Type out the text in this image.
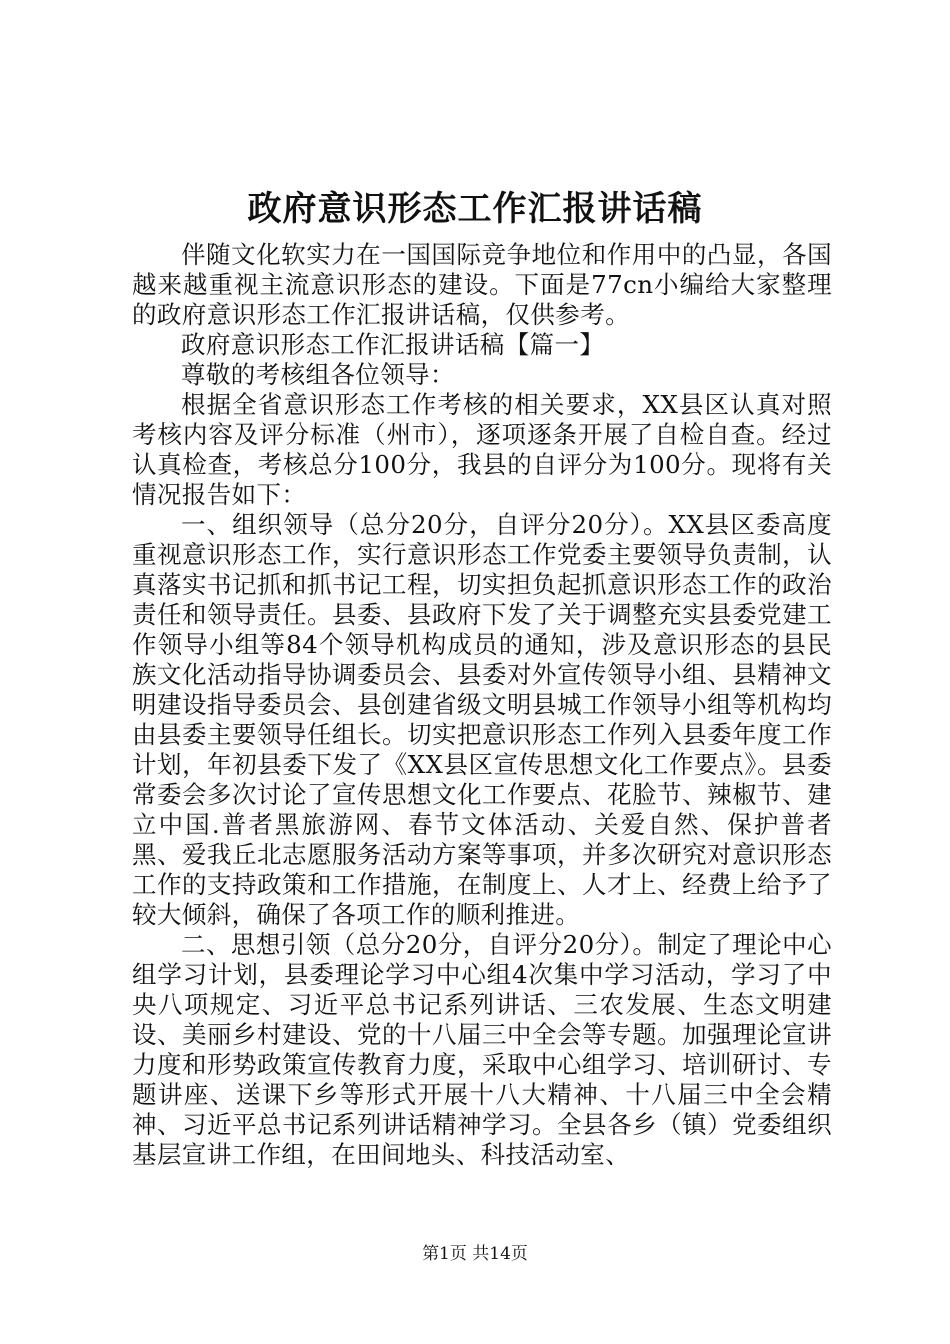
政府意识形态工作汇报讲话稿

伴随文化软实力在一国国际竞争地位和作用中的凸显，各国越来越重视主流意识形态的建设。下面是77cn小编给大家整理的政府意识形态工作汇报讲话稿，仅供参考。

政府意识形态工作汇报讲话稿【篇一】

尊敬的考核组各位领导：

根据全省意识形态工作考核的相关要求，XX县区认真对照考核内容及评分标准（州市），逐项逐条开展了自检自查。经过认真检查，考核总分100分，我县的自评分为100分。现将有关情况报告如下：

一、组织领导（总分20分，自评分20分）。XX县区委高度重视意识形态工作，实行意识形态工作党委主要领导负责制，认真落实书记抓和抓书记工程，切实担负起抓意识形态工作的政治责任和领导责任。县委、县政府下发了关于调整充实县委党建工作领导小组等84个领导机构成员的通知，涉及意识形态的县民族文化活动指导协调委员会、县委对外宣传领导小组、县精神文明建设指导委员会、县创建省级文明县城工作领导小组等机构均由县委主要领导任组长。切实把意识形态工作列入县委年度工作计划，年初县委下发了《XX县区宣传思想文化工作要点》。县委常委会多次讨论了宣传思想文化工作要点、花脸节、辣椒节、建立中国.普者黑旅游网、春节文体活动、关爱自然、保护普者黑、爱我丘北志愿服务活动方案等事项，并多次研究对意识形态工作的支持政策和工作措施，在制度上、人才上、经费上给予了较大倾斜，确保了各项工作的顺利推进。

二、思想引领（总分20分，自评分20分）。制定了理论中心组学习计划，县委理论学习中心组4次集中学习活动，学习了中央八项规定、习近平总书记系列讲话、三农发展、生态文明建设、美丽乡村建设、党的十八届三中全会等专题。加强理论宣讲力度和形势政策宣传教育力度，采取中心组学习、培训研讨、专题讲座、送课下乡等形式开展十八大精神、十八届三中全会精神、习近平总书记系列讲话精神学习。全县各乡（镇）党委组织基层宣讲工作组，在田间地头、科技活动室、

第1页 共14页
